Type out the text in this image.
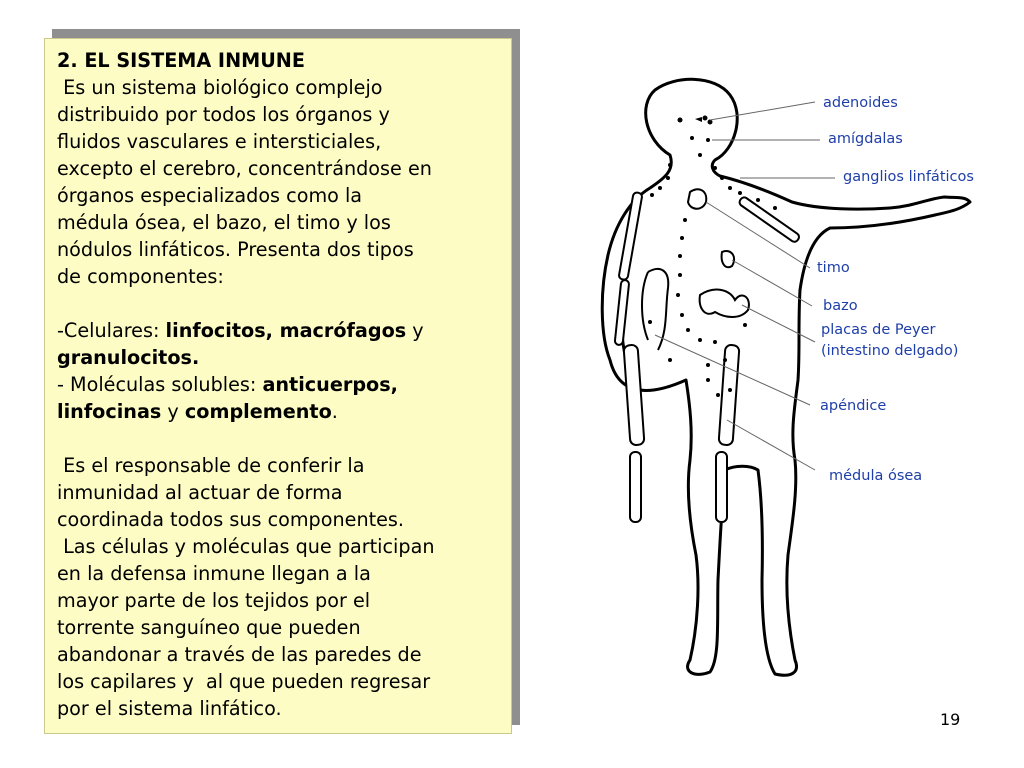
2. EL SISTEMA INMUNE

Es un sistema biológico complejo

distribuido por todos los órganos y

fluidos vasculares e intersticiales,

excepto el cerebro, concentrándose en

órganos especializados como la

médula ósea, el bazo, el timo y los

nódulos linfáticos. Presenta dos tipos

de componentes:

-Celulares: linfocitos, macrófagos y

granulocitos.

- Moléculas solubles: anticuerpos,

linfocinas y complemento.

Es el responsable de conferir la

inmunidad al actuar de forma

coordinada todos sus componentes.

Las células y moléculas que participan

en la defensa inmune llegan a la

mayor parte de los tejidos por el

torrente sanguíneo que pueden

abandonar a través de las paredes de

los capilares y  al que pueden regresar

por el sistema linfático.

adenoides
amígdalas
ganglios linfáticos
timo
bazo
placas de Peyer
(intestino delgado)
apéndice
médula ósea
19
